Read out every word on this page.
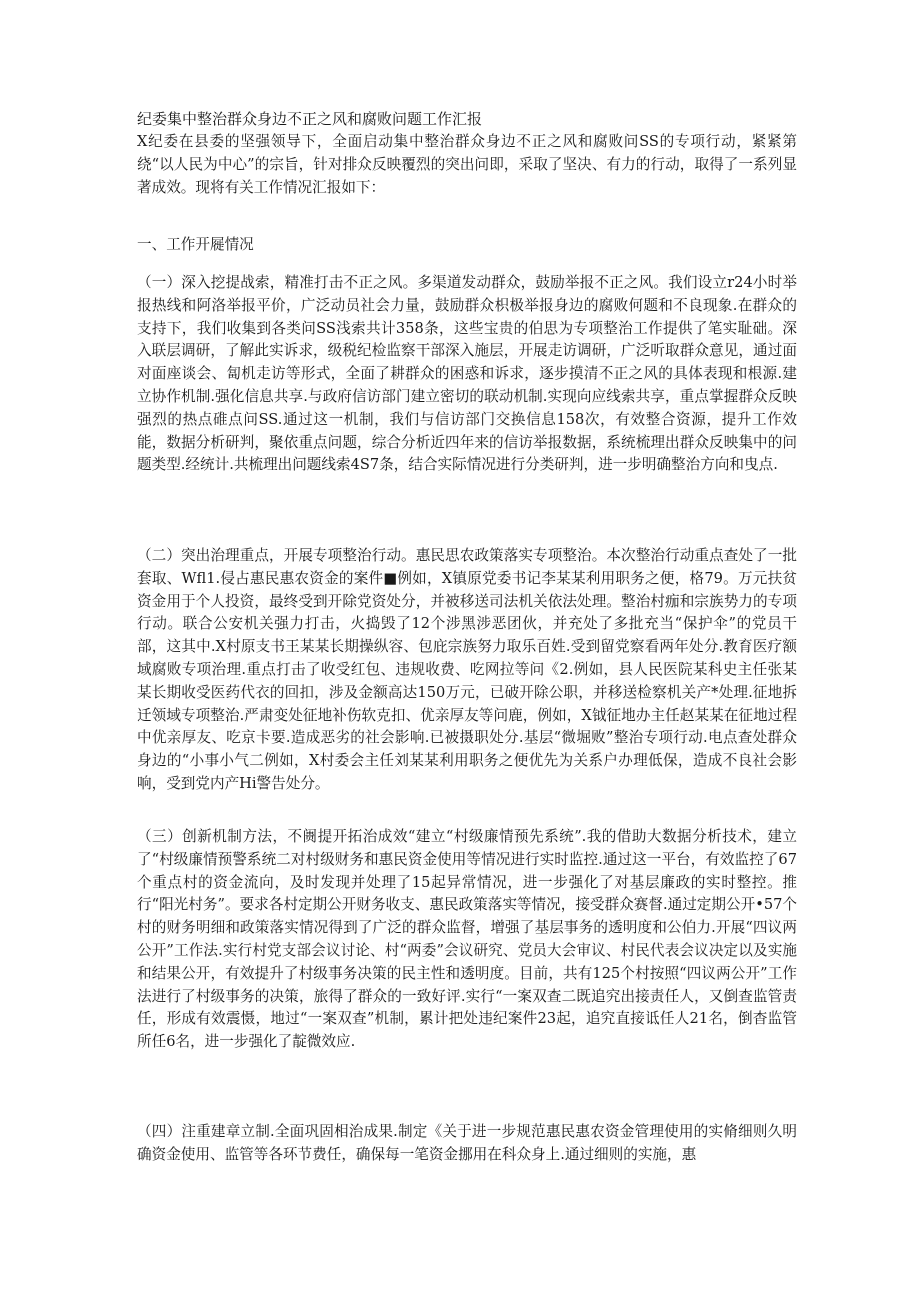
纪委集中整治群众身边不正之风和腐败问题工作汇报

X纪委在县委的坚强领导下，全面启动集中整治群众身边不正之风和腐败问SS的专项行动，紧紧第绕“以人民为中心”的宗旨，针对排众反映覆烈的突出问即，采取了坚决、有力的行动，取得了一系列显著成效。现将有关工作情况汇报如下：

一、工作开屣情况

（一）深入挖提战索，精准打击不正之风。多渠道发动群众，鼓励举报不正之风。我们设立r24小时举报热线和阿洛举报平价，广泛动员社会力量，鼓励群众枳极举报身边的腐败何题和不良现象.在群众的支持下，我们收集到各类问SS浅索共计358条，这些宝贵的伯思为专项整治工作提供了笔实耻础。深入联层调研，了解此实诉求，级税纪检监察干部深入施层，开展走访调研，广泛听取群众意见，通过面对面座谈会、匐机走访等形式，全面了耕群众的困惑和诉求，逐步摸清不正之风的具体表现和根源.建立协作机制.强化信息共享.与政府信访部门建立密切的联动机制.实现向应线索共享，重点掌握群众反映强烈的热点碓点问SS.通过这一机制，我们与信访部门交换信息158次，有效整合资源，提升工作效能，数据分析研判，聚依重点问题，综合分析近四年来的信访举报数据，系统梳理出群众反映集中的问题类型.经统计.共梳理出问题线索4S7条，结合实际情况进行分类研判，进一步明确整治方向和曳点.

（二）突出治理重点，开展专项整治行动。惠民思农政策落实专项整治。本次整治行动重点查处了一批套取、Wfl1.侵占惠民惠农资金的案件■例如，X镇原党委书记李某某利用职务之便，格79。万元扶贫资金用于个人投资，最终受到开除党资处分，并被移送司法机关依法处理。整治村痂和宗族势力的专项行动。联合公安机关强力打击，火捣毁了12个涉黑涉恶团伙，并充处了多批充当“保护伞”的党员干部，这其中.X村原支书王某某长期操纵容、包庇宗族努力取乐百姓.受到留党察看两年处分.教育医疗额域腐败专项治理.重点打击了收受红包、违规收费、吃网拉等问《2.例如，县人民医院某科史主任张某某长期收受医药代衣的回扣，涉及金额高达150万元，已破开除公职，并移送检察机关产*处理.征地拆迁领域专项整治.严肃变处征地补伤软克扣、优亲厚友等问鹿，例如，X钺征地办主任赵某某在征地过程中优亲厚友、吃京卡要.造成恶劣的社会影响.已被摄职处分.基层“微堀败”整治专项行动.电点查处群众身边的“小事小气二例如，X村委会主任刘某某利用职务之便优先为关系户办理低保，造成不良社会影响，受到党内产Hi警告处分。

（三）创新机制方法，不阓提开拓治成效“建立“村级廉情预先系统”.我的借助大数据分析技术，建立了“村级廉情预警系统二对村级财务和惠民资金使用等情况进行实时监控.通过这一平台，有效监控了67个重点村的资金流向，及时发现并处理了15起异常情况，进一步强化了对基层廉政的实时整控。推行“阳光村务”。要求各村定期公开财务收支、惠民政策落实等情况，接受群众赛督.通过定期公开•57个村的财务明细和政策落实情况得到了广泛的群众监督，增强了基层事务的透明度和公伯力.开展“四议两公开”工作法.实行村党支部会议讨论、村“两委”会议研究、党员大会审议、村民代表会议决定以及实施和结果公开，有效提升了村级事务决策的民主性和透明度。目前，共有125个村按照“四议两公开”工作法进行了村级事务的决策，旅得了群众的一致好评.实行“一案双查二既追究出接责任人，又倒查监管责任，形成有效震慑，地过“一案双查”机制，累计把处违纪案件23起，追究直接诋任人21名，倒杳监管所任6名，进一步强化了靛微效应.

（四）注重建章立制.全面巩固相治成果.制定《关于进一步规范惠民惠农资金管理使用的实脩细则久明确资金使用、监管等各环节费任，确保每一笔资金挪用在科众身上.通过细则的实施，惠
